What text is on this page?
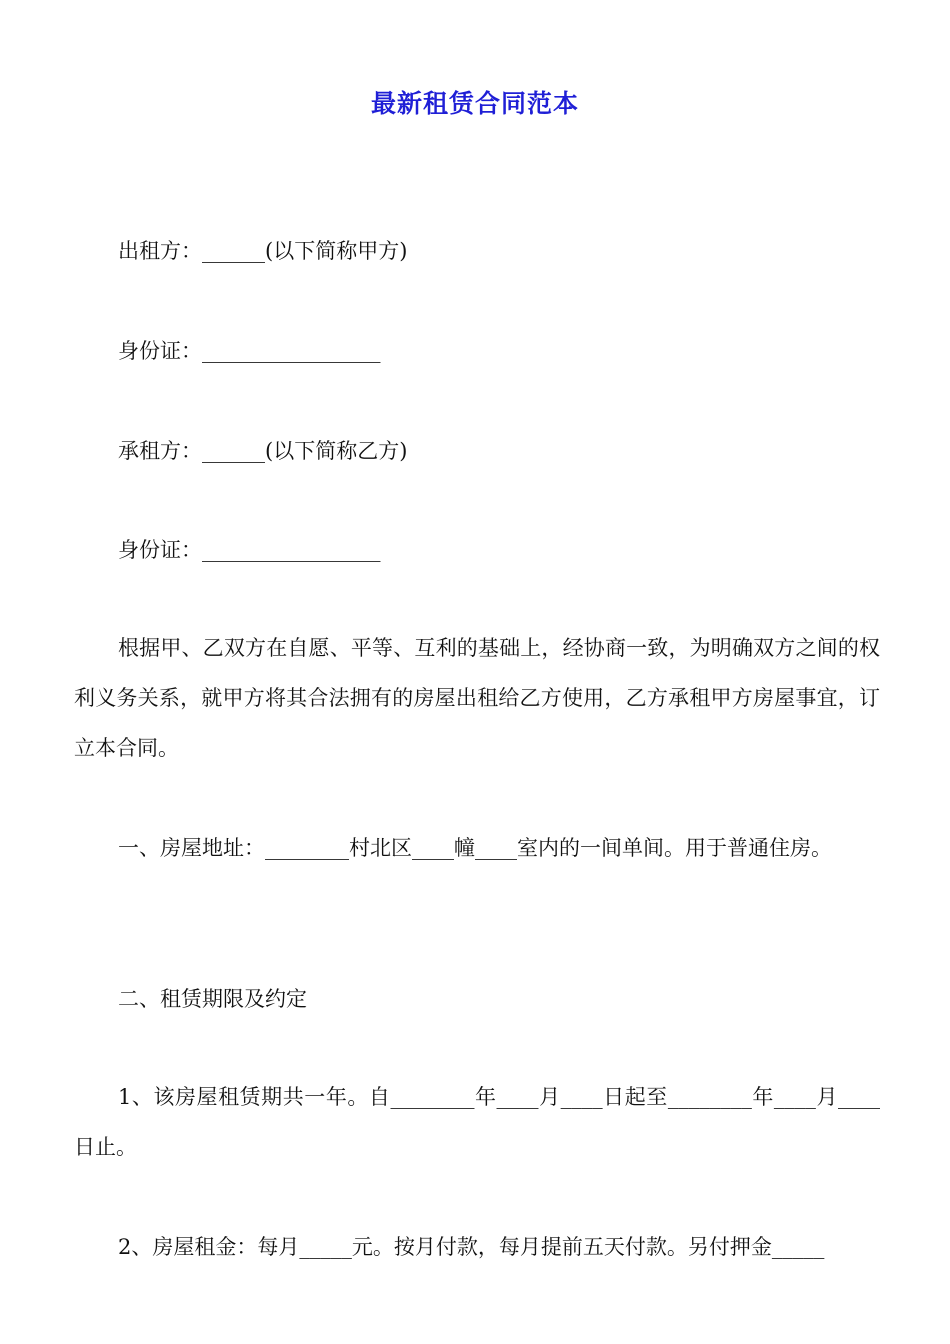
最新租赁合同范本
出租方：______(以下简称甲方)
身份证：_________________
承租方：______(以下简称乙方)
身份证：_________________
根据甲、乙双方在自愿、平等、互利的基础上，经协商一致，为明确双方之间的权利义务关系，就甲方将其合法拥有的房屋出租给乙方使用，乙方承租甲方房屋事宜，订立本合同。
一、房屋地址：________村北区____幢____室内的一间单间。用于普通住房。
二、租赁期限及约定
1、该房屋租赁期共一年。自________年____月____日起至________年____月____日止。
2、房屋租金：每月_____元。按月付款，每月提前五天付款。另付押金_____
